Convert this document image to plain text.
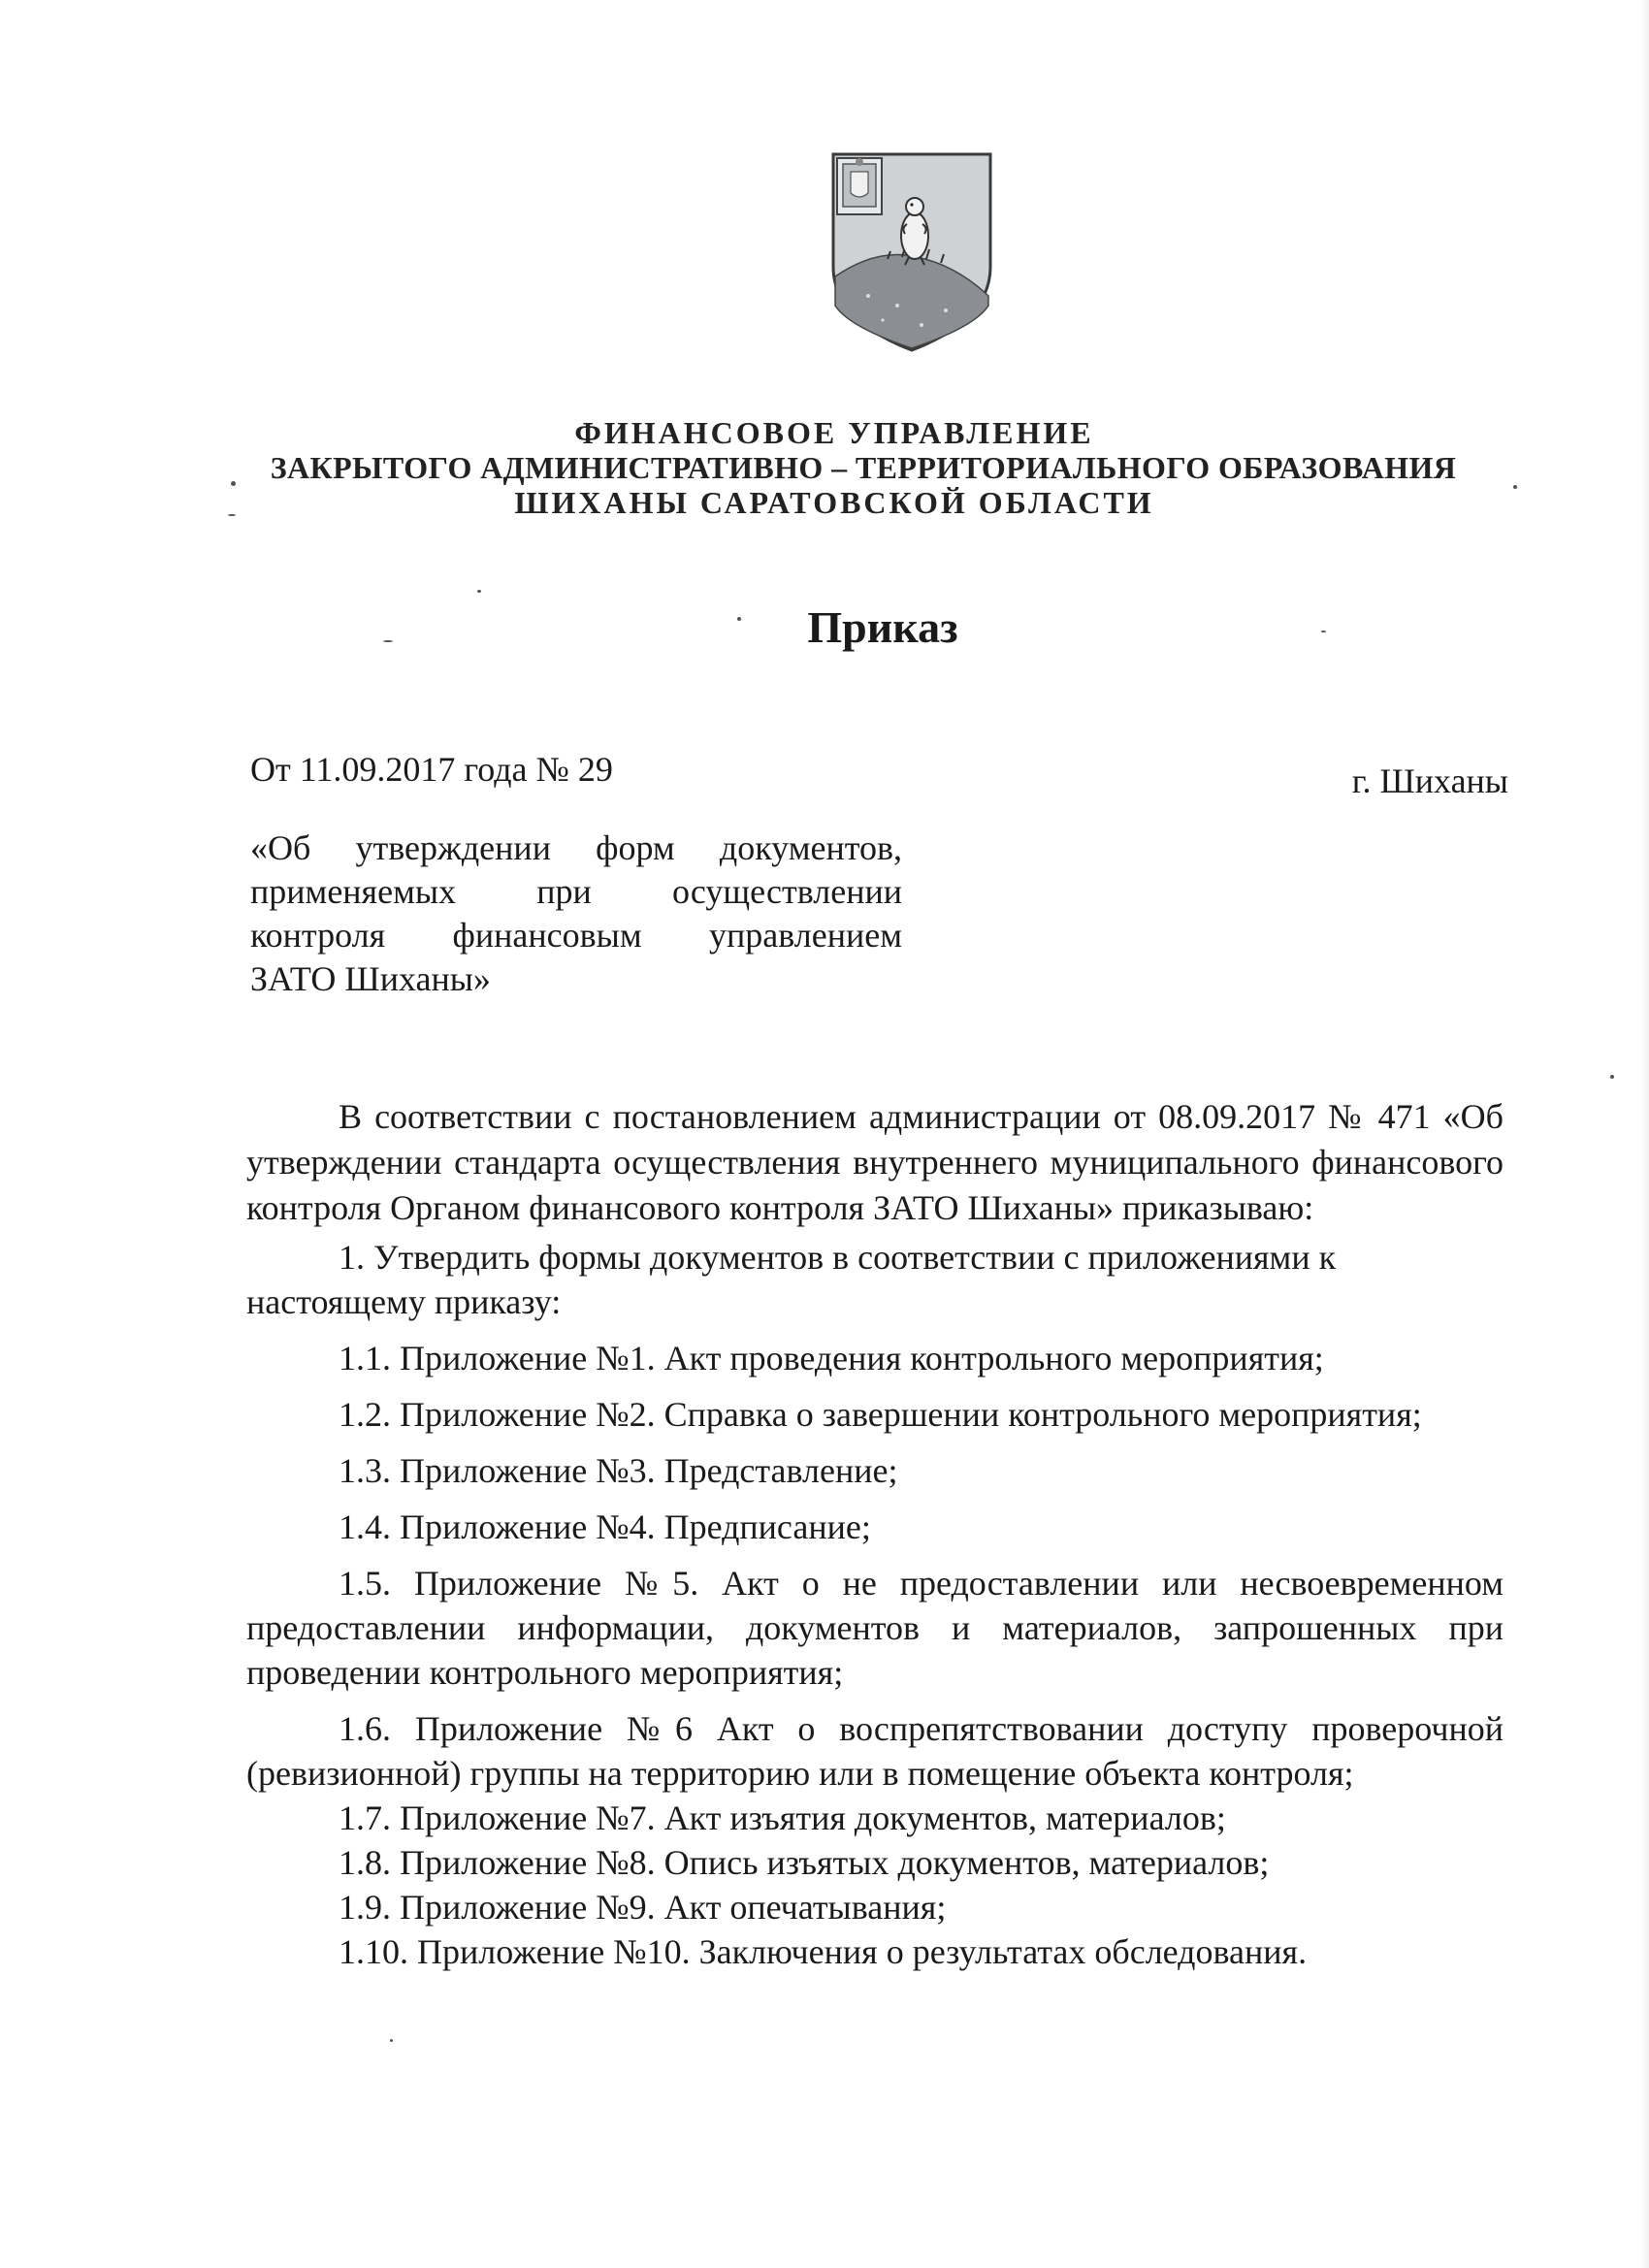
ФИНАНСОВОЕ УПРАВЛЕНИЕ
ЗАКРЫТОГО АДМИНИСТРАТИВНО – ТЕРРИТОРИАЛЬНОГО ОБРАЗОВАНИЯ
ШИХАНЫ САРАТОВСКОЙ ОБЛАСТИ
Приказ
От 11.09.2017 года № 29	г. Шиханы
«Об утверждении форм документов,
применяемых при осуществлении
контроля финансовым управлением
ЗАТО Шиханы»
В соответствии с постановлением администрации от 08.09.2017 № 471 «Об утверждении стандарта осуществления внутреннего муниципального финансового контроля Органом финансового контроля ЗАТО Шиханы» приказываю:
1. Утвердить формы документов в соответствии с приложениями к настоящему приказу:
1.1. Приложение №1. Акт проведения контрольного мероприятия;
1.2. Приложение №2. Справка о завершении контрольного мероприятия;
1.3. Приложение №3. Представление;
1.4. Приложение №4. Предписание;
1.5. Приложение №5. Акт о не предоставлении или несвоевременном предоставлении информации, документов и материалов, запрошенных при проведении контрольного мероприятия;
1.6. Приложение №6 Акт о воспрепятствовании доступу проверочной (ревизионной) группы на территорию или в помещение объекта контроля;
1.7. Приложение №7. Акт изъятия документов, материалов;
1.8. Приложение №8. Опись изъятых документов, материалов;
1.9. Приложение №9. Акт опечатывания;
1.10. Приложение №10. Заключения о результатах обследования.
